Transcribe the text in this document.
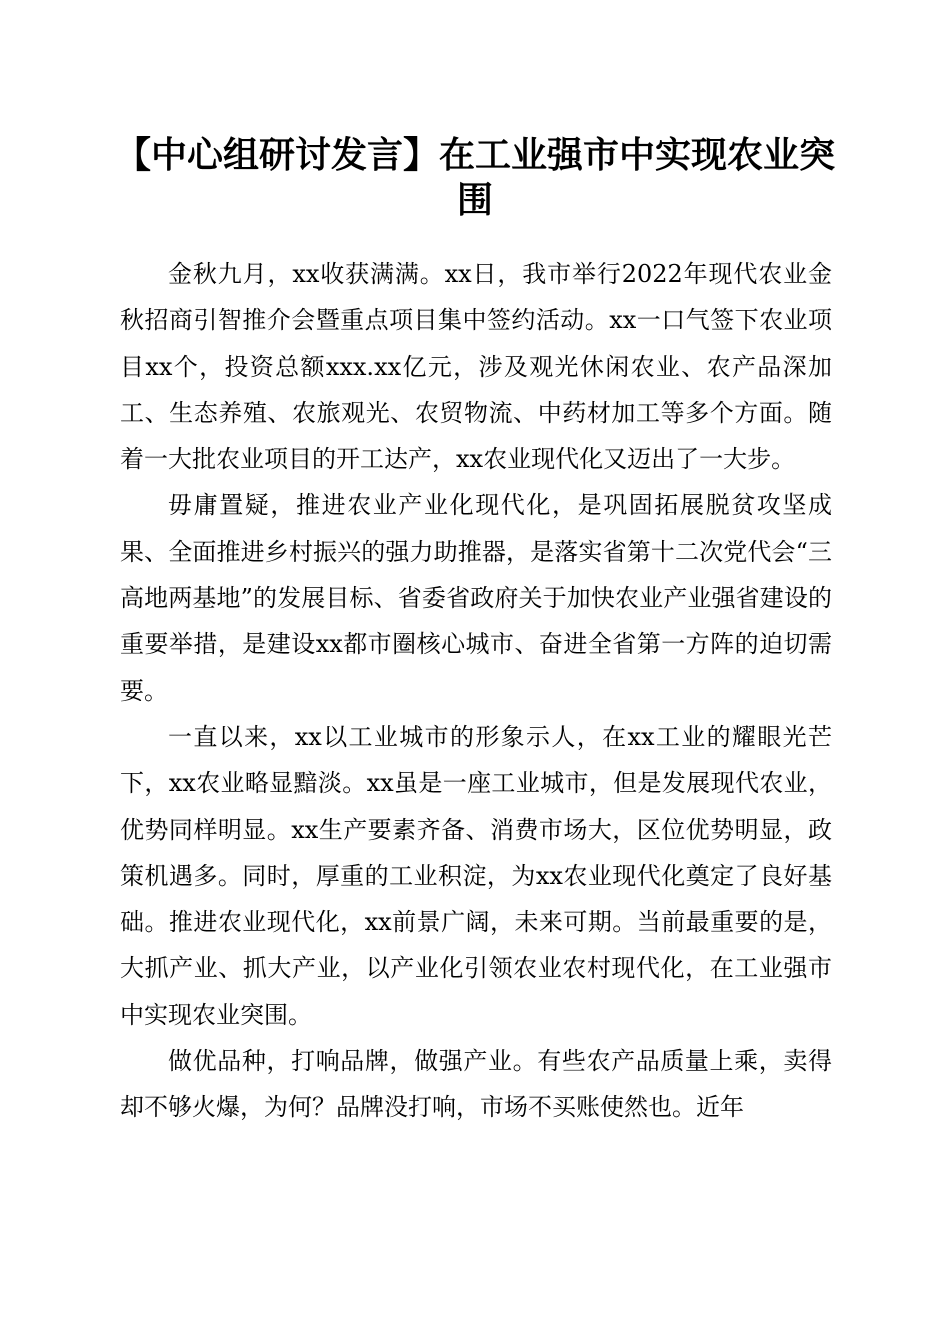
【中心组研讨发言】在工业强市中实现农业突围

金秋九月，xx收获满满。xx日，我市举行2022年现代农业金秋招商引智推介会暨重点项目集中签约活动。xx一口气签下农业项目xx个，投资总额xxx.xx亿元，涉及观光休闲农业、农产品深加工、生态养殖、农旅观光、农贸物流、中药材加工等多个方面。随着一大批农业项目的开工达产，xx农业现代化又迈出了一大步。

毋庸置疑，推进农业产业化现代化，是巩固拓展脱贫攻坚成果、全面推进乡村振兴的强力助推器，是落实省第十二次党代会“三高地两基地”的发展目标、省委省政府关于加快农业产业强省建设的重要举措，是建设xx都市圈核心城市、奋进全省第一方阵的迫切需要。

一直以来，xx以工业城市的形象示人，在xx工业的耀眼光芒下，xx农业略显黯淡。xx虽是一座工业城市，但是发展现代农业，优势同样明显。xx生产要素齐备、消费市场大，区位优势明显，政策机遇多。同时，厚重的工业积淀，为xx农业现代化奠定了良好基础。推进农业现代化，xx前景广阔，未来可期。当前最重要的是，大抓产业、抓大产业，以产业化引领农业农村现代化，在工业强市中实现农业突围。

做优品种，打响品牌，做强产业。有些农产品质量上乘，卖得却不够火爆，为何？品牌没打响，市场不买账使然也。近年
